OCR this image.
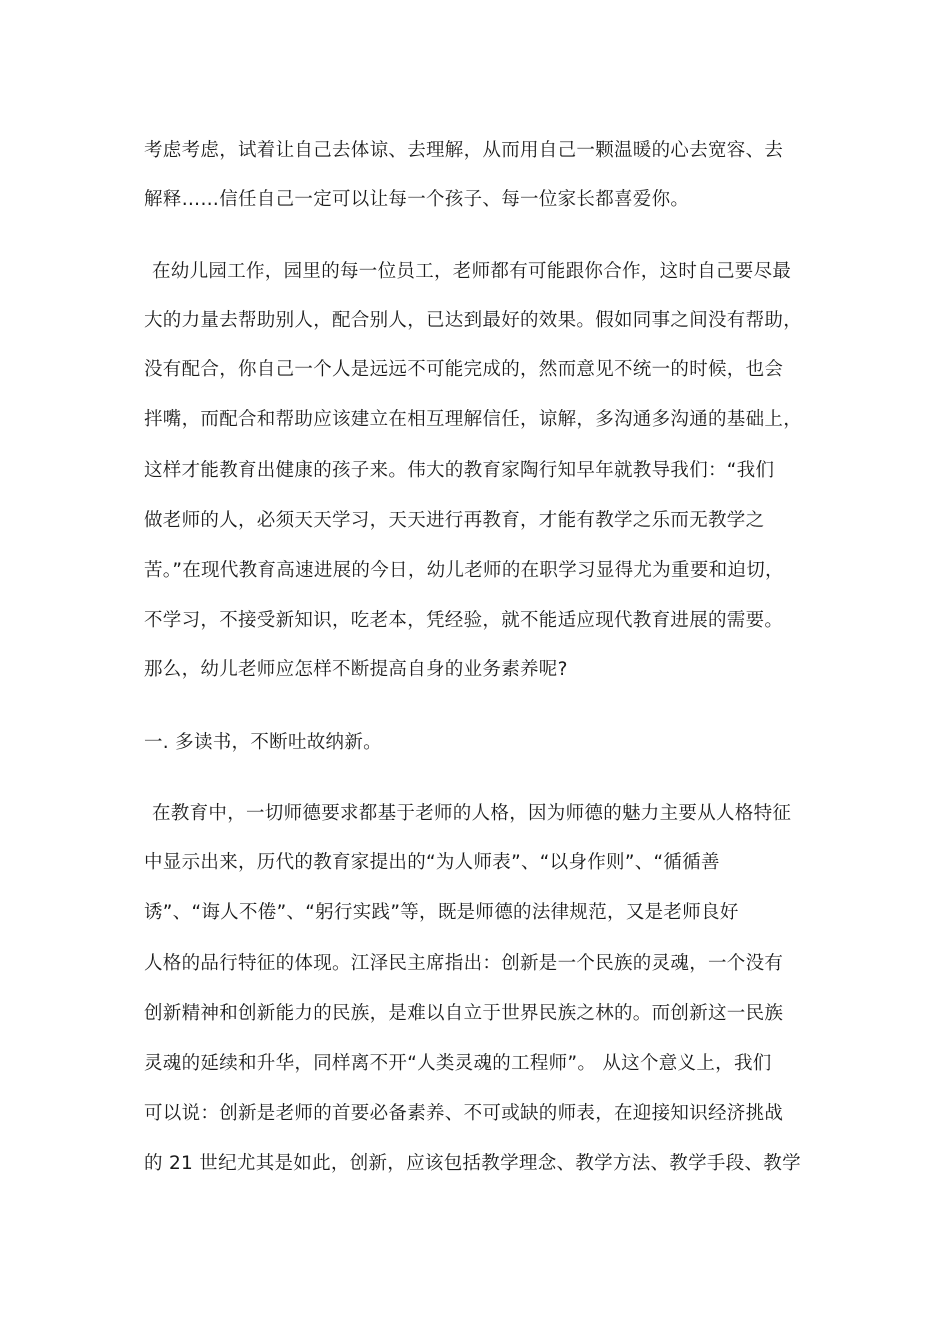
考虑考虑，试着让自己去体谅、去理解，从而用自己一颗温暖的心去宽容、去
解释……信任自己一定可以让每一个孩子、每一位家长都喜爱你。
在幼儿园工作，园里的每一位员工，老师都有可能跟你合作，这时自己要尽最
大的力量去帮助别人，配合别人，已达到最好的效果。假如同事之间没有帮助，
没有配合，你自己一个人是远远不可能完成的，然而意见不统一的时候，也会
拌嘴，而配合和帮助应该建立在相互理解信任，谅解，多沟通多沟通的基础上，
这样才能教育出健康的孩子来。伟大的教育家陶行知早年就教导我们：“我们
做老师的人，必须天天学习，天天进行再教育，才能有教学之乐而无教学之
苦。”在现代教育高速进展的今日，幼儿老师的在职学习显得尤为重要和迫切，
不学习，不接受新知识，吃老本，凭经验，就不能适应现代教育进展的需要。
那么，幼儿老师应怎样不断提高自身的业务素养呢?
一. 多读书，不断吐故纳新。
在教育中，一切师德要求都基于老师的人格，因为师德的魅力主要从人格特征
中显示出来，历代的教育家提出的“为人师表”、“以身作则”、“循循善
诱”、“诲人不倦”、“躬行实践”等，既是师德的法律规范，又是老师良好
人格的品行特征的体现。江泽民主席指出：创新是一个民族的灵魂，一个没有
创新精神和创新能力的民族，是难以自立于世界民族之林的。而创新这一民族
灵魂的延续和升华，同样离不开“人类灵魂的工程师”。 从这个意义上，我们
可以说：创新是老师的首要必备素养、不可或缺的师表，在迎接知识经济挑战
的 21 世纪尤其是如此，创新，应该包括教学理念、教学方法、教学手段、教学
